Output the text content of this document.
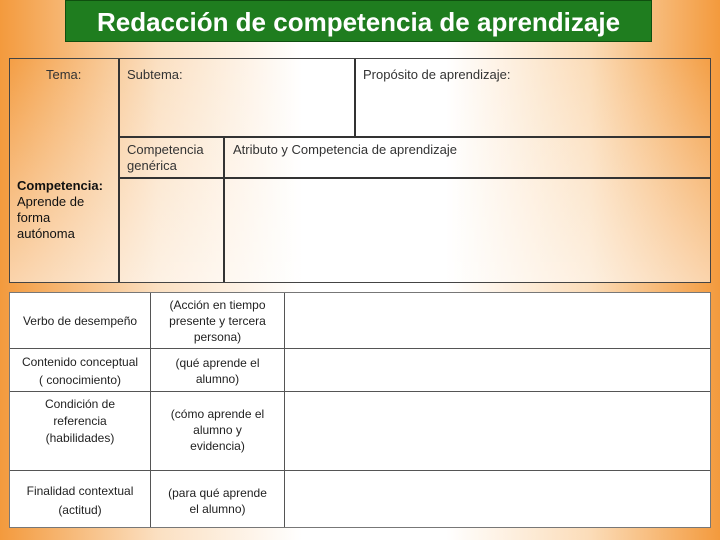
Redacción de competencia de aprendizaje
Tema:	Subtema:	Propósito de aprendizaje:
Competencia
genérica
Atributo y Competencia de aprendizaje
Competencia:
Aprende de
forma
autónoma
Verbo de desempeño
(Acción en tiempo
presente y tercera
persona)
Contenido conceptual
( conocimiento)
(qué aprende el
alumno)
Condición de
referencia
(habilidades)
(cómo aprende el
alumno y
evidencia)
Finalidad contextual
(actitud)
(para qué aprende
el alumno)
